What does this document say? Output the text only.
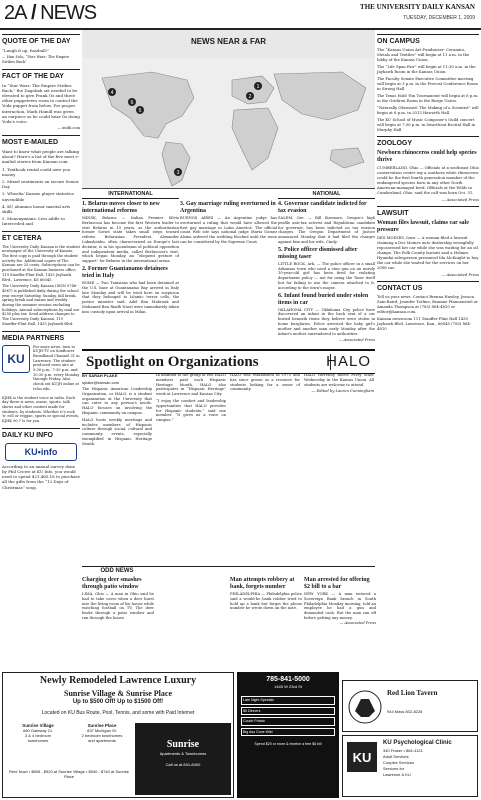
2A / NEWS	THE UNIVERSITY DAILY KANSAN
TUESDAY, DECEMBER 1, 2009
QUOTE OF THE DAY
“Laugh it up, fuzzball!”
— Han Solo, “Star Wars: The Empire Strikes Back”
FACT OF THE DAY
In “Star Wars: The Empire Strikes Back,” the Dagobah set needed to be elevated to give Frank Oz and three other puppeteers room to control the Yoda puppet from below. For proper interaction, Mark Hamill was given an earpiece so he could hear Oz doing Yoda's voice.
— imdb.com
MOST E-MAILED
Want to know what people are talking about? Here's a list of the five most e-mailed stories from Kansan.com:
1. Textbook rental could save you money
2. Mixed sentiments on secure Senior Day
3. Wheelin' Kansas player statistics unvendible
4. KU alumnus honor marital arts skills
5. Mononymians: Less addle to Interceded and
ET CETERA
The University Daily Kansan is the student newspaper of the University of Kansas. The first copy is paid through the student activity fee. Additional copies of The Kansan are 25 cents. Subscriptions can be purchased at the Kansan business office, 119 Stauffer-Flint Hall, 1435 Jayhawk Blvd., Lawrence, KS 66045.
The University Daily Kansan (ISSN 0746-4967) is published daily during the school year except Saturday, Sunday, fall break, spring break and exams and weekly during the summer session excluding holidays. Annual subscriptions by mail are $250 plus tax. Send address changes to The University Daily Kansan, 119 Stauffer-Flint Hall, 1435 Jayhawk Blvd.
MEDIA PARTNERS
KU
For more news, turn to KUJH-TV on Sunflower Broadband Channel 31 in Lawrence. The student-produced news airs at 5:30 p.m., 7:30 p.m. and 10:30 p.m. every Monday through Friday. Also, check out KUJH online at tv.ku.edu.
KJHK is the student voice in radio. Each day there is news, music, sports, talk shows and other content made for students, by students. Whether it's rock 'n' roll or reggae, sports or special events, KJHK 90.7 is for you.
DAILY KU INFO
KU•info
According to an annual survey done by Phil Crowe at KU Info, you would need to spend $21,465.18 to purchase all the gifts from the “12 Days of Christmas” song.
NEWS NEAR & FAR
1
2
3
4
5
6
INTERNATIONAL
1. Belarus moves closer to new international reforms

MINSK, Belarus — Italian Premier Silvio Berlusconi has become the first Western leader to visit Belarus in 15 years, as the authoritarian former Soviet state takes small steps toward reform. Belarusian President Alexander Lukashenko, often characterized as Europe's last dictator, is in his spoonbeam of political opposition and independent media, called Berlusconi's visit, which began Monday, an “eloquent gesture of support” for Belarus in the international arena.

2. Former Guantanamo detainees tried in Italy

ROME — Two Tunisians who had been detained at the U.S. base at Guantanamo Bay arrived in Italy late Monday and will be tried here on suspicion that they belonged to Islamic terror cells, the justice minister said. Adel Ben Mabrouk and Mohamed Ben Riadh Nasri were immediately taken into custody upon arrival in Milan.

3. Gay marriage ruling overturned in Argentina

BUENOS AIRES — An Argentine judge has overturned a ruling that would have allowed the first gay marriage in Latin America. The official count Web site says national judge Marta Gomez Alsina ordered the wedding blocked until the issue can be considered by the Supreme Court.

NATIONAL
4. Governor candidate indicted for tax evasion

SALEM, Ore. — Bill Sizemore, Oregon's high profile anti-tax activist and Republican candidate for governor, has been indicted on tax evasion charges. The Oregon Department of Justice announced Monday that it had filed the charges against him and his wife, Cindy.

5. Police officer dismissed after missing taser

LITTLE ROCK, Ark. — The police officer in a small Arkansas town who used a stun gun on an unruly 10-year-old girl has been fired for violating department policy — not for using the Taser itself but for failing to use the camera attached to it, according to the town's mayor.

6. Infant found buried under stolen items in car

OKLAHOMA CITY — Oklahoma City police have discovered an infant in the back seat of a car buried beneath items they believe were stolen in home burglaries. Police arrested the baby girl's mother and another man early Monday after the infant's mother surrendered to authorities.

— Associated Press

ON CAMPUS
The “Kansas Union Art Fundraiser: Ceramics, Metals and Textiles” will begin at 11 a.m. in the lobby of the Kansas Union.
The “Life Span Fair” will begin at 11:30 a.m. in the Jayhawk Room in the Kansas Union.
The Faculty Senate Executive Committee meeting will begin at 3 p.m. in the Provost Conference Room in Strong Hall.
The Texas Hold 'Em Tournament will begin at 6 p.m. in the Gridiron Room in the Burge Union.
“Naturally Obsessed: The Making of a Scientist” will begin at 6 p.m. in 2013 Haworth Hall.
The KU School of Music Composer's Guild concert will begin at 7:30 p.m. in Swarthout Recital Hall in Murphy Hall.
ZOOLOGY
Newborn rhinoceros could help species thrive
CUMBERLAND, Ohio — Officials at a southeast Ohio conservation center say a southern white rhinoceros could be the first fourth generation member of the endangered species born in any other North American-managed herd. Officials at the Wilds in Cumberland, Ohio, said the calf was born Oct. 31.
— Associated Press
LAWSUIT
Woman files lawsuit, claims car sale pressure
DES MOINES, Iowa — A woman filed a lawsuit claiming a Des Moines auto dealership wrongfully repossessed her car while she was waiting for an oil change. The Polk County lawsuit said a Holmes Hyundai salesperson pressured Ida McKnight to buy the car while she waited for the services on her 2006 car.
— Associated Press
CONTACT US
Tell us your news. Contact Brenna Hawley, Jessica Sain-Baird, Jennifer Torline, Brianne Pfannenstiel or Amanda Thompson at (785) 864-4810 or editor@kansan.com.
Kansan newsroom 111 Stauffer-Flint Hall 1435 Jayhawk Blvd. Lawrence, Kan., 66045 (785) 864-4810
Spotlight on Organizations	HALO
BY SARAH PLAKE
splake@kansan.com

The Hispanic American Leadership Organization, or HALO, is a student organization at the University that can cater to any person's needs. HALO focuses on involving the Hispanic community on campus.

HALO hosts weekly meetings and includes members of Hispanic culture through social, cultural and community events, especially exemplified in Hispanic Heritage Month.

In addition to the group of two HALO members paid each Hispanic Heritage Month, HALO also participates in “Hispanic Heritage” week at Lawrence and Kansas City.

“I enjoy the comfort and leadership opportunities that HALO provides for Hispanic students,” said one member. “It gives us a voice on campus.”

HALO was established in 1973 and has since grown as a resource for students looking for a sense of community.

HALO currently meets every other Wednesday in the Kansas Union. All students are welcome to attend.

— Edited by Lauren Cunningham

ODD NEWS
Charging deer smashes through patio window

LIMA, Ohio — A man in Ohio said he had to take cover when a deer burst into the living room of his house while watching football on TV. The deer broke through a patio window and ran through the house.

Man attempts robbery at bank, forgets number

PHILADELPHIA — Philadelphia police said a would-be bank robber tried to hold up a bank but forgot the phone number he wrote down on the note.

Man arrested for offering $2 bill to a bar

NEW YORK — A man entered a Sovereign Bank branch in South Philadelphia Monday morning, told an employee he had a gun and demanded cash. But the man ran off before getting any money.

— Associated Press

Newly Remodeled Lawrence Luxury
Sunrise Village & Sunrise Place
Up to $500 Off! Up to $1500 Off!
Located on KU Bus Route, Pool, Tennis, and some with Paid Internet
Sunrise Village
660 Gateway Ct.
3 & 4 bedroom
townhomes
Sunrise Place
837 Michigan St.
2 bedroom townhomes
and apartments
Rent Now! • $895 - $920 at Sunrise Village • $540 - $740 at Sunrise Place
Sunrise
Apartments & Townhomes
Call us at 841-8400
785-841-5000
1445 W 23rd St
Late Night Specials
$5 Dinners
Couch Potato
Big Ass Cone Wild
Spend $20 or more & receive a free $5 bill
Red Lion Tavern
944 Mass 832-8228
KU
KU Psychological Clinic
340 Fraser • 864-4121
Adult Services
Couples Services
Services for
Lawrence & KU
